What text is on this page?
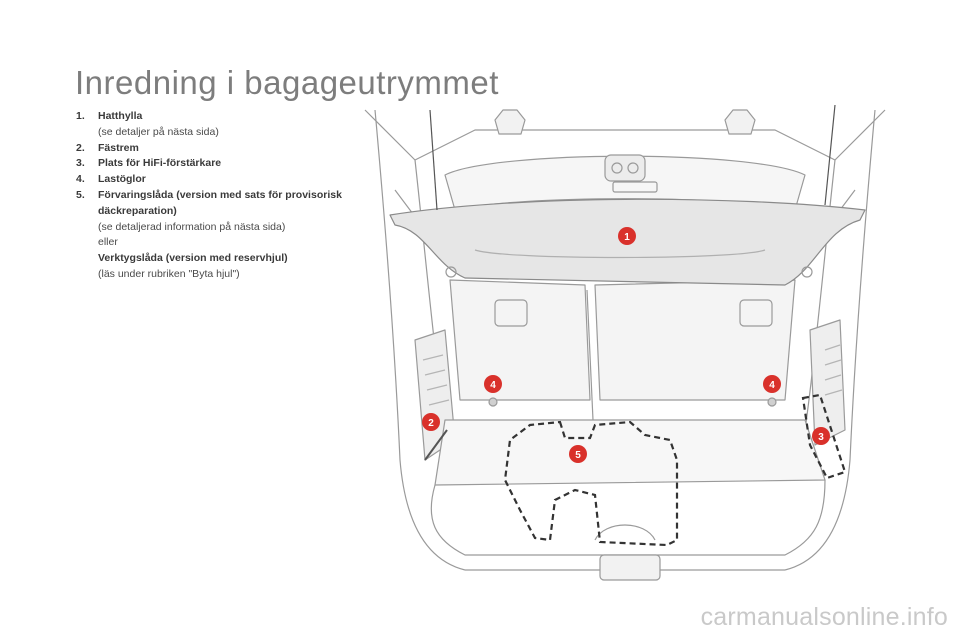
Inredning i bagageutrymmet
1. Hatthylla
(se detaljer på nästa sida)
2. Fästrem
3. Plats för HiFi-förstärkare
4. Lastöglor
5. Förvaringslåda (version med sats för provisorisk däckreparation)
(se detaljerad information på nästa sida)
eller
Verktygslåda (version med reservhjul)
(läs under rubriken "Byta hjul")
1
2
3
4	4
5
carmanualsonline.info
